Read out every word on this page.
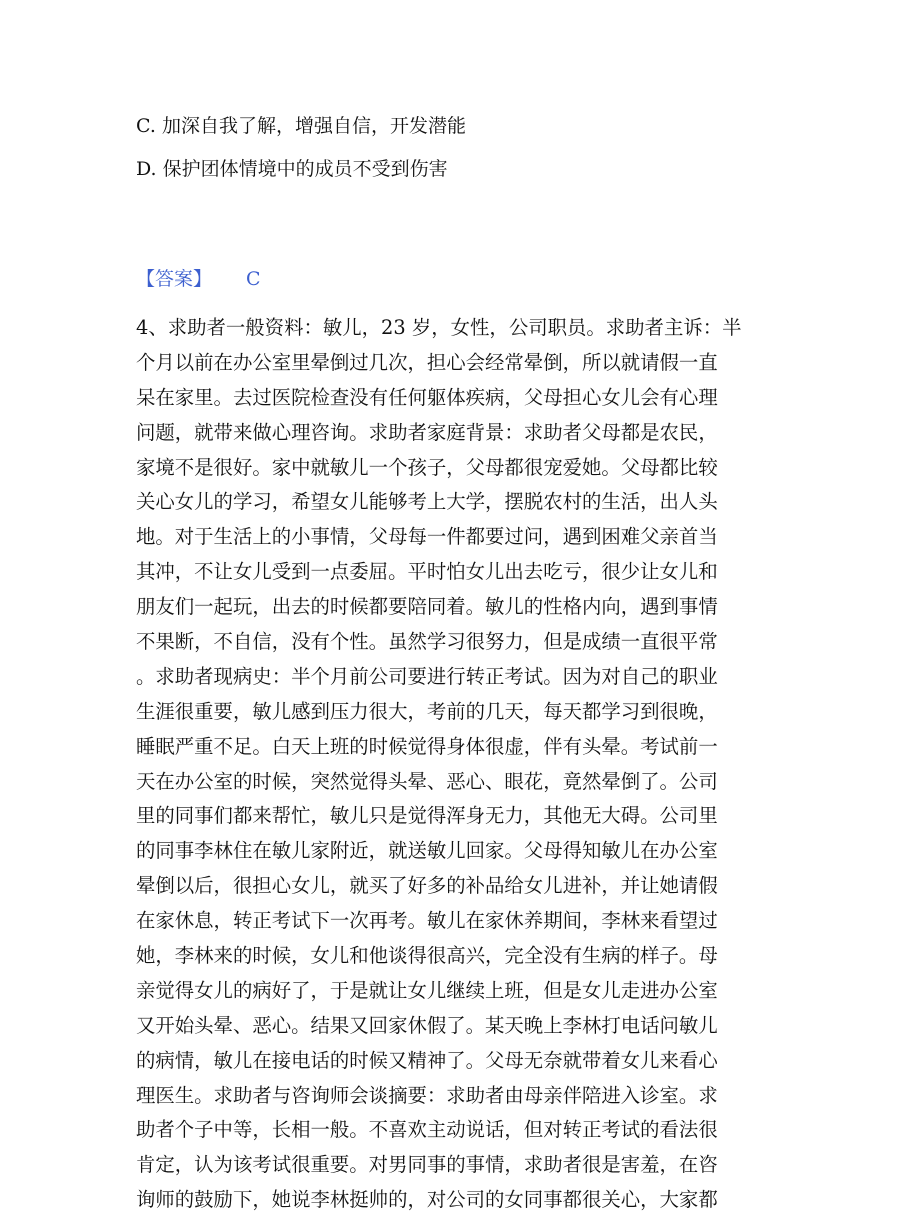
C. 加深自我了解，增强自信，开发潜能
D. 保护团体情境中的成员不受到伤害
【答案】 C
4、求助者一般资料：敏儿，23 岁，女性，公司职员。求助者主诉：半
个月以前在办公室里晕倒过几次，担心会经常晕倒，所以就请假一直
呆在家里。去过医院检查没有任何躯体疾病，父母担心女儿会有心理
问题，就带来做心理咨询。求助者家庭背景：求助者父母都是农民，
家境不是很好。家中就敏儿一个孩子，父母都很宠爱她。父母都比较
关心女儿的学习，希望女儿能够考上大学，摆脱农村的生活，出人头
地。对于生活上的小事情，父母每一件都要过问，遇到困难父亲首当
其冲，不让女儿受到一点委屈。平时怕女儿出去吃亏，很少让女儿和
朋友们一起玩，出去的时候都要陪同着。敏儿的性格内向，遇到事情
不果断，不自信，没有个性。虽然学习很努力，但是成绩一直很平常
。求助者现病史：半个月前公司要进行转正考试。因为对自己的职业
生涯很重要，敏儿感到压力很大，考前的几天，每天都学习到很晚，
睡眠严重不足。白天上班的时候觉得身体很虚，伴有头晕。考试前一
天在办公室的时候，突然觉得头晕、恶心、眼花，竟然晕倒了。公司
里的同事们都来帮忙，敏儿只是觉得浑身无力，其他无大碍。公司里
的同事李林住在敏儿家附近，就送敏儿回家。父母得知敏儿在办公室
晕倒以后，很担心女儿，就买了好多的补品给女儿进补，并让她请假
在家休息，转正考试下一次再考。敏儿在家休养期间，李林来看望过
她，李林来的时候，女儿和他谈得很高兴，完全没有生病的样子。母
亲觉得女儿的病好了，于是就让女儿继续上班，但是女儿走进办公室
又开始头晕、恶心。结果又回家休假了。某天晚上李林打电话问敏儿
的病情，敏儿在接电话的时候又精神了。父母无奈就带着女儿来看心
理医生。求助者与咨询师会谈摘要：求助者由母亲伴陪进入诊室。求
助者个子中等，长相一般。不喜欢主动说话，但对转正考试的看法很
肯定，认为该考试很重要。对男同事的事情，求助者很是害羞，在咨
询师的鼓励下，她说李林挺帅的，对公司的女同事都很关心，大家都
